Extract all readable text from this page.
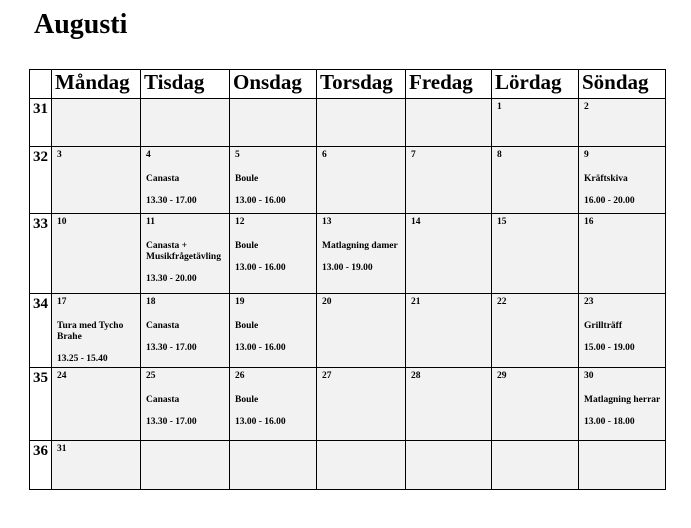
Augusti
	Måndag	Tisdag	Onsdag	Torsdag	Fredag	Lördag	Söndag
31						1	2

32	3	4
Canasta
13.30 - 17.00	5
Boule
13.00 - 16.00	6	7	8	9
Kräftskiva
16.00 - 20.00

33	10	11
Canasta + Musikfrågetävling
13.30 - 20.00	12
Boule
13.00 - 16.00	13
Matlagning damer
13.00 - 19.00	14	15	16

34	17
Tura med Tycho Brahe
13.25 - 15.40	18
Canasta
13.30 - 17.00	19
Boule
13.00 - 16.00	20	21	22	23
Grillträff
15.00 - 19.00

35	24	25
Canasta
13.30 - 17.00	26
Boule
13.00 - 16.00	27	28	29	30
Matlagning herrar
13.00 - 18.00

36	31						
